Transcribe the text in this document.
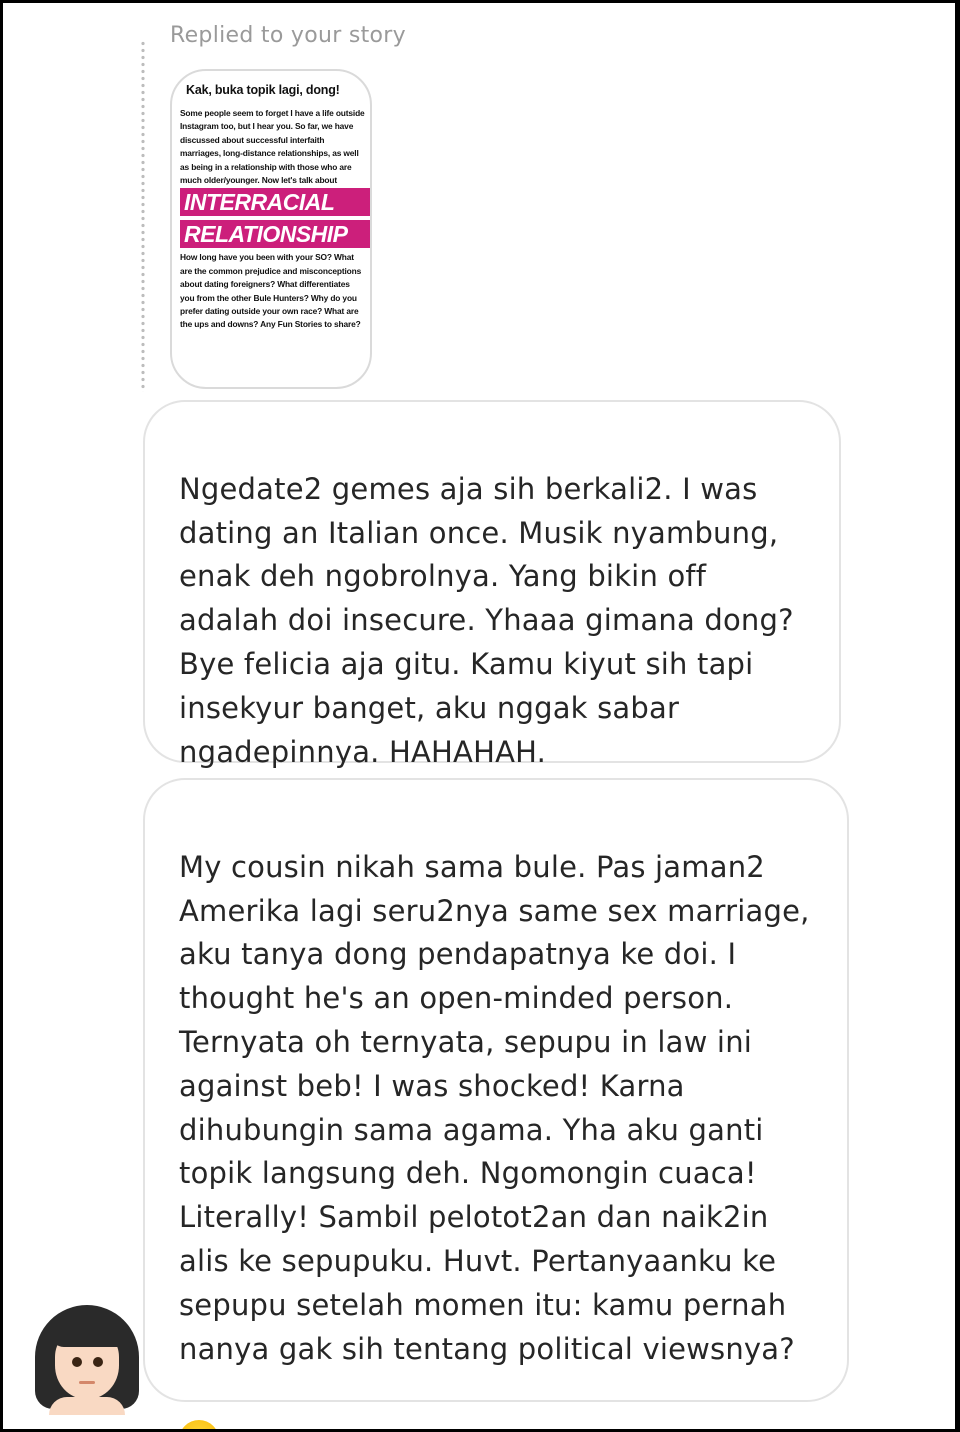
Replied to your story
Kak, buka topik lagi, dong!
Some people seem to forget I have a life outside Instagram too, but I hear you. So far, we have discussed about successful interfaith marriages, long-distance relationships, as well as being in a relationship with those who are much older/younger. Now let's talk about
INTERRACIAL RELATIONSHIP
How long have you been with your SO? What are the common prejudice and misconceptions about dating foreigners? What differentiates you from the other Bule Hunters? Why do you prefer dating outside your own race? What are the ups and downs? Any Fun Stories to share?

Ngedate2 gemes aja sih berkali2. I was
dating an Italian once. Musik nyambung,
enak deh ngobrolnya. Yang bikin off
adalah doi insecure. Yhaaa gimana dong?
Bye felicia aja gitu. Kamu kiyut sih tapi
insekyur banget, aku nggak sabar
ngadepinnya. HAHAHAH.

My cousin nikah sama bule. Pas jaman2
Amerika lagi seru2nya same sex marriage,
aku tanya dong pendapatnya ke doi. I
thought he's an open-minded person.
Ternyata oh ternyata, sepupu in law ini
against beb! I was shocked! Karna
dihubungin sama agama. Yha aku ganti
topik langsung deh. Ngomongin cuaca!
Literally! Sambil pelotot2an dan naik2in
alis ke sepupuku. Huvt. Pertanyaanku ke
sepupu setelah momen itu: kamu pernah
nanya gak sih tentang political viewsnya?
